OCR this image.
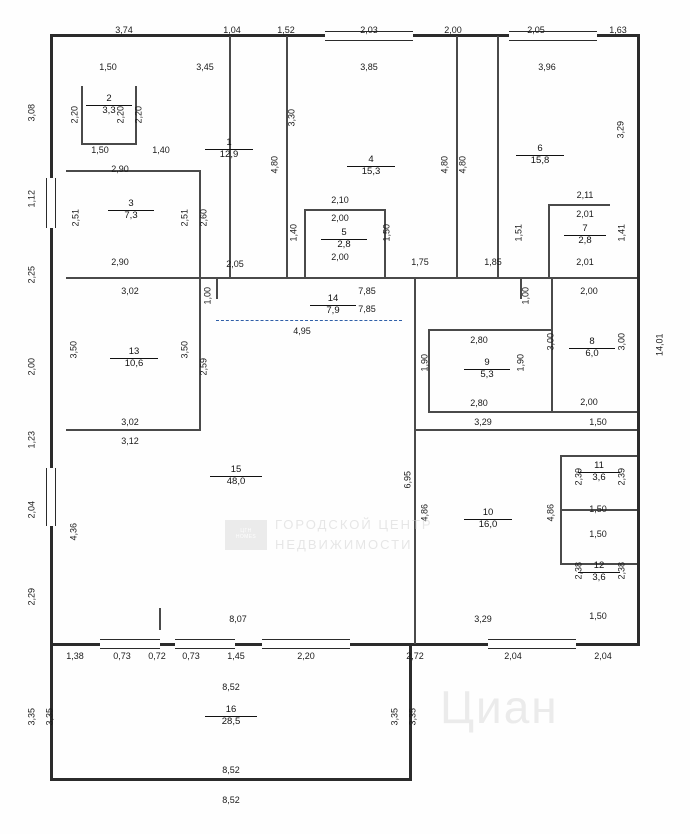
1
12,9
2
3,3
3
7,3
4
15,3
5
2,8
6
15,8
7
2,8
8
6,0
9
5,3
10
16,0
11
3,6
12
3,6
13
10,6
14
7,9
15
48,0
16
28,5
3,74	1,04	1,52	2,03	2,00	2,05	1,63
1,50	3,45	3,85	3,96
3,08
1,12
2,25
2,00
1,23
2,04
2,29
3,35 3,35
14,01
3,35 3,35
1,38	0,73	0,72	0,73	1,45	2,20	2,72	2,04	2,04
8,52
8,52
8,52
2,20	2,20 2,20
1,50	1,40
2,90
2,51	2,51 2,60
2,90
3,30
4,80	4,80 4,80
3,29
2,10
2,00
2,00
1,40	1,50
1,75	1,85
1,51
2,11
2,01
2,01
1,41
2,05
1,00	7,85
7,85
4,95
1,00	2,00
2,00
3,00	3,00
3,02
3,50	3,50
2,59
3,02
3,12
2,80
2,80
1,90	1,90
3,29	1,50
2,39	2,39
1,50
1,50
2,38	2,38
1,50
6,95
4,86	4,86
4,36
8,07	3,29
ЦГН
HOMES
ГОРОДСКОЙ ЦЕНТР
НЕДВИЖИМОСТИ
Циан
